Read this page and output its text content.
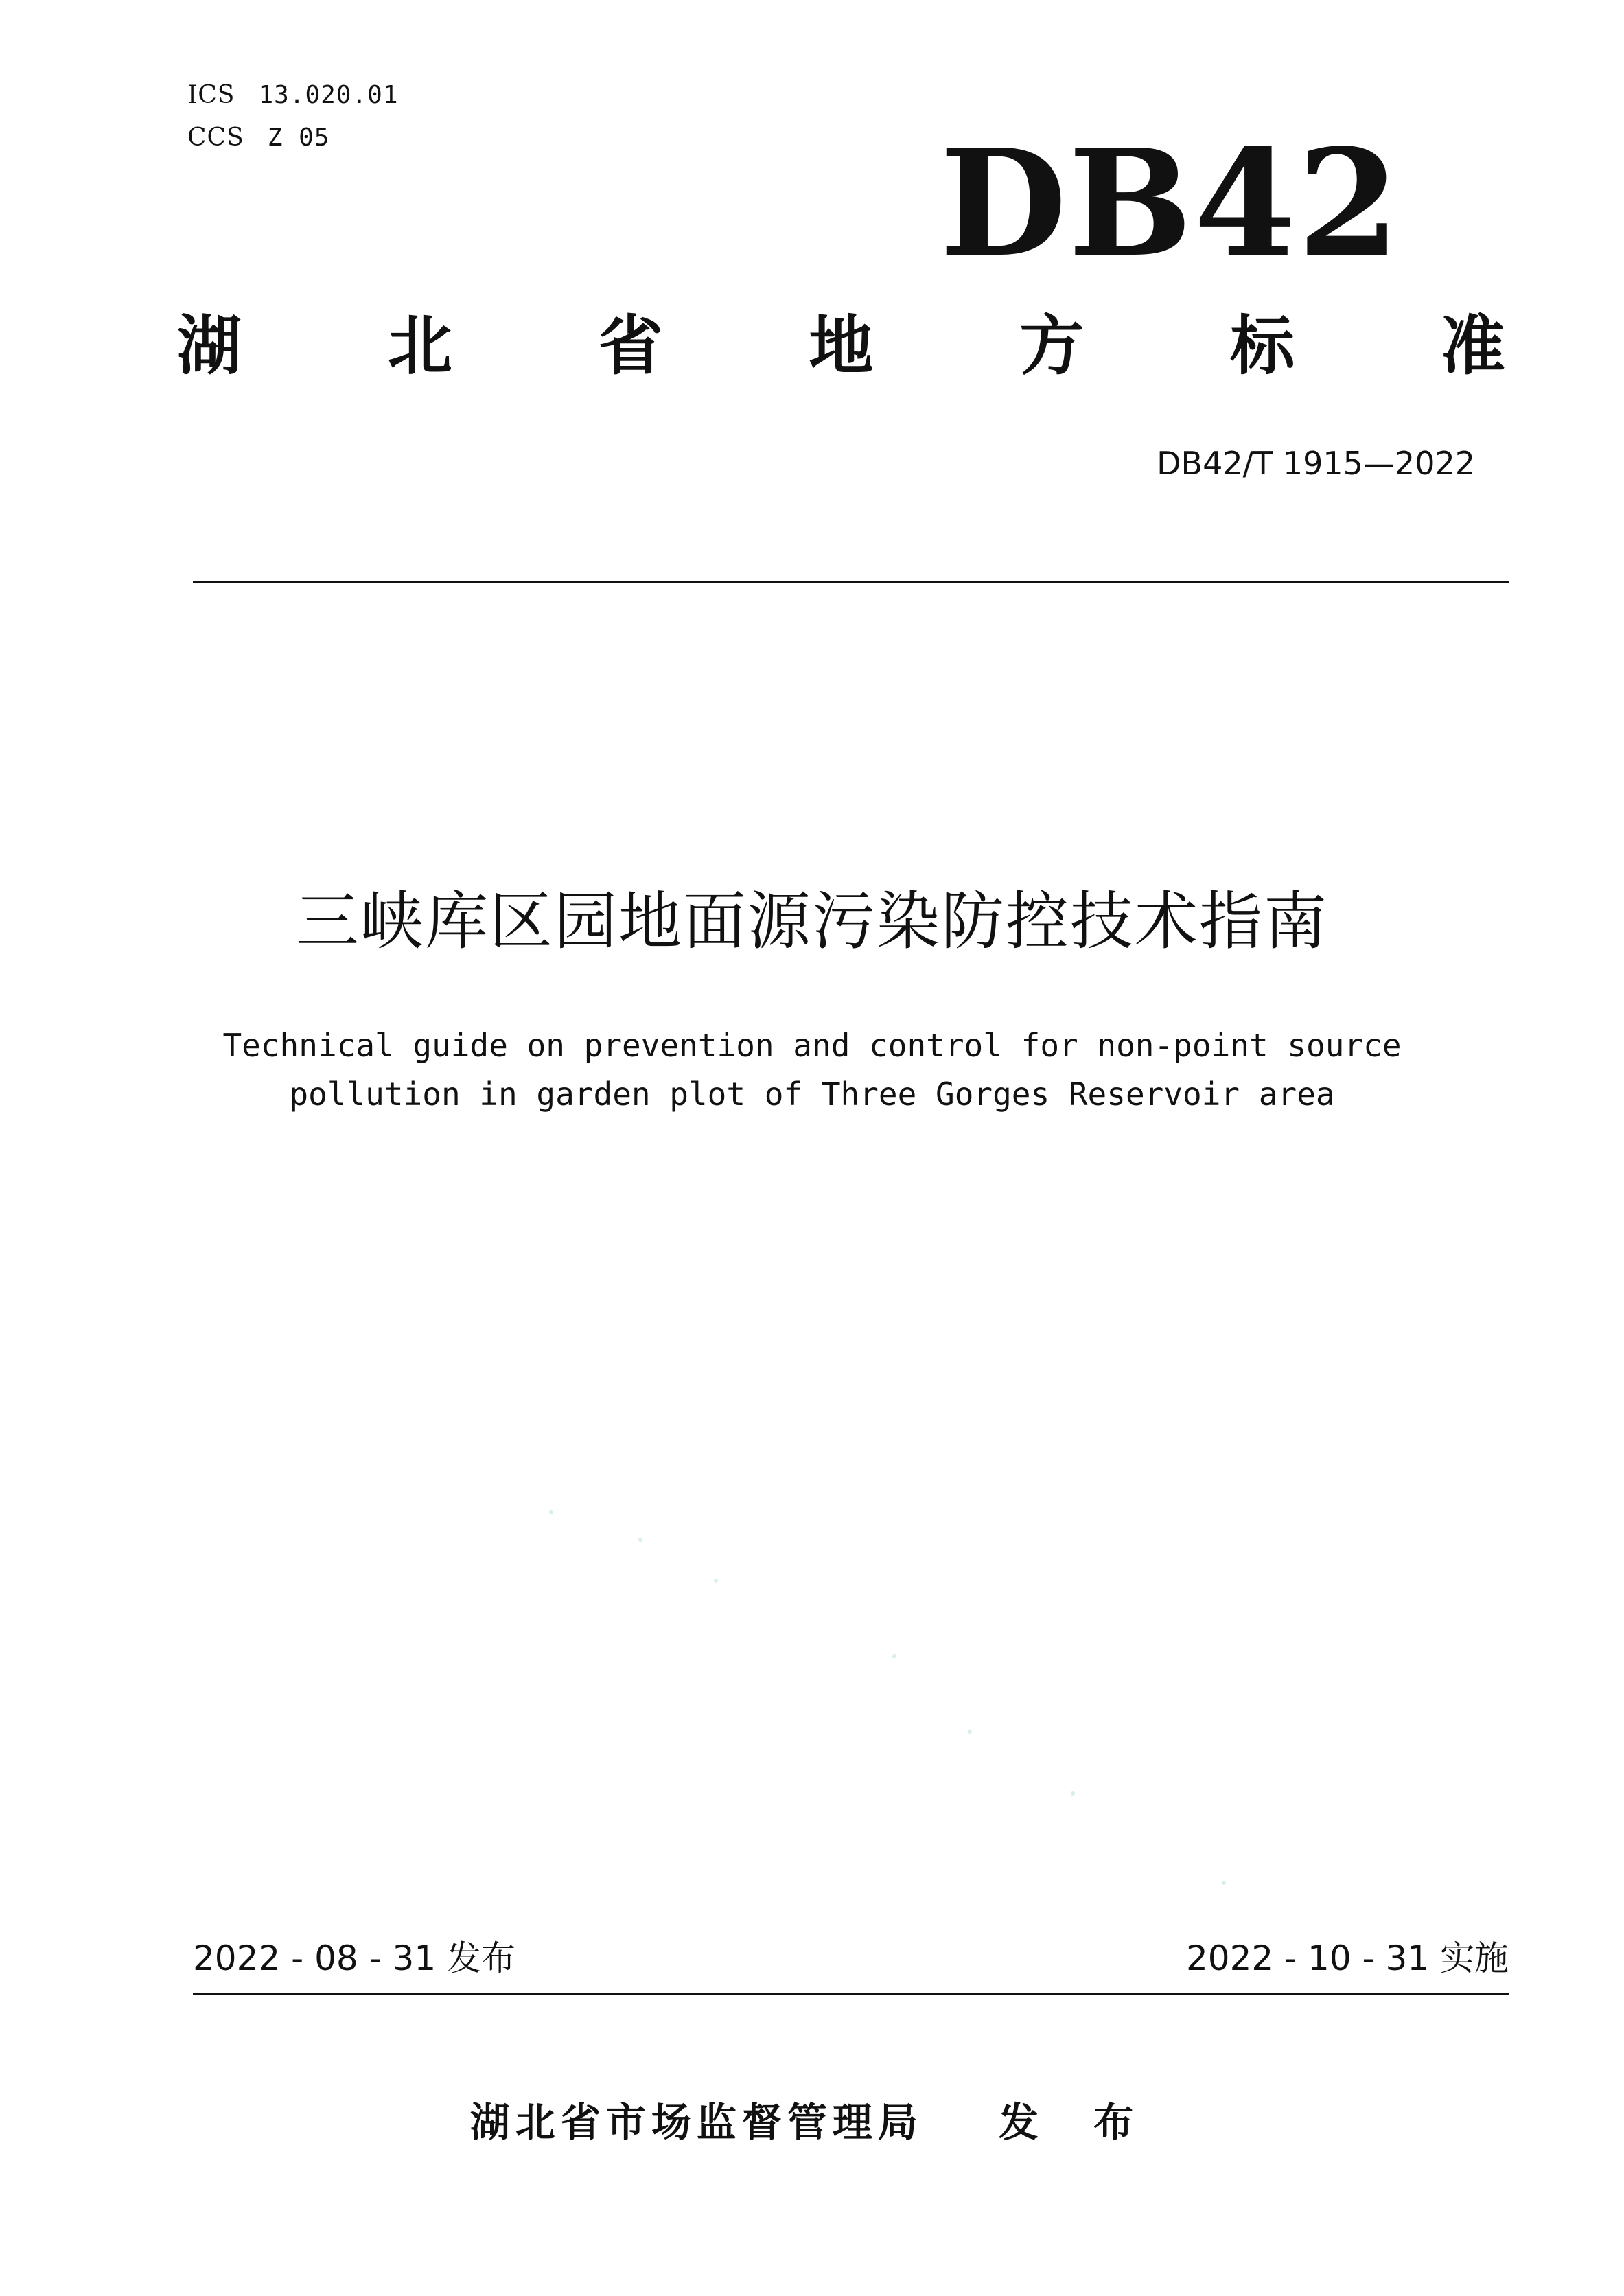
ICS 13.020.01
CCS Z 05	DB42
湖 北 省 地 方 标 准
DB42/T 1915—2022
三峡库区园地面源污染防控技术指南
Technical guide on prevention and control for non-point source
pollution in garden plot of Three Gorges Reservoir area
2022 - 08 - 31 发布	2022 - 10 - 31 实施
湖北省市场监督管理局 发 布
